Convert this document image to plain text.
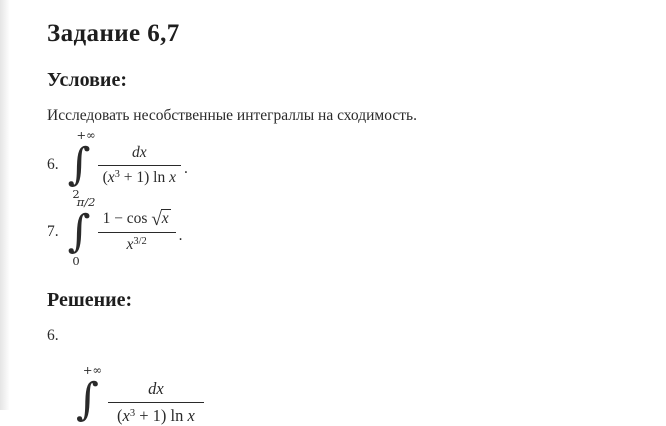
Задание 6,7
Условие:
Исследовать несобственные интеграллы на сходимость.
6.
+∞
∫
2
$\frac{dx}{(x^3 + 1) \ln x}$ .
7.
π/2
∫
0
$\frac{1 - \cos √x}{x^{3/2}}$ .
Решение:
6.
+∞
∫ $\frac{dx}{(x^3 + 1) \ln x}$
